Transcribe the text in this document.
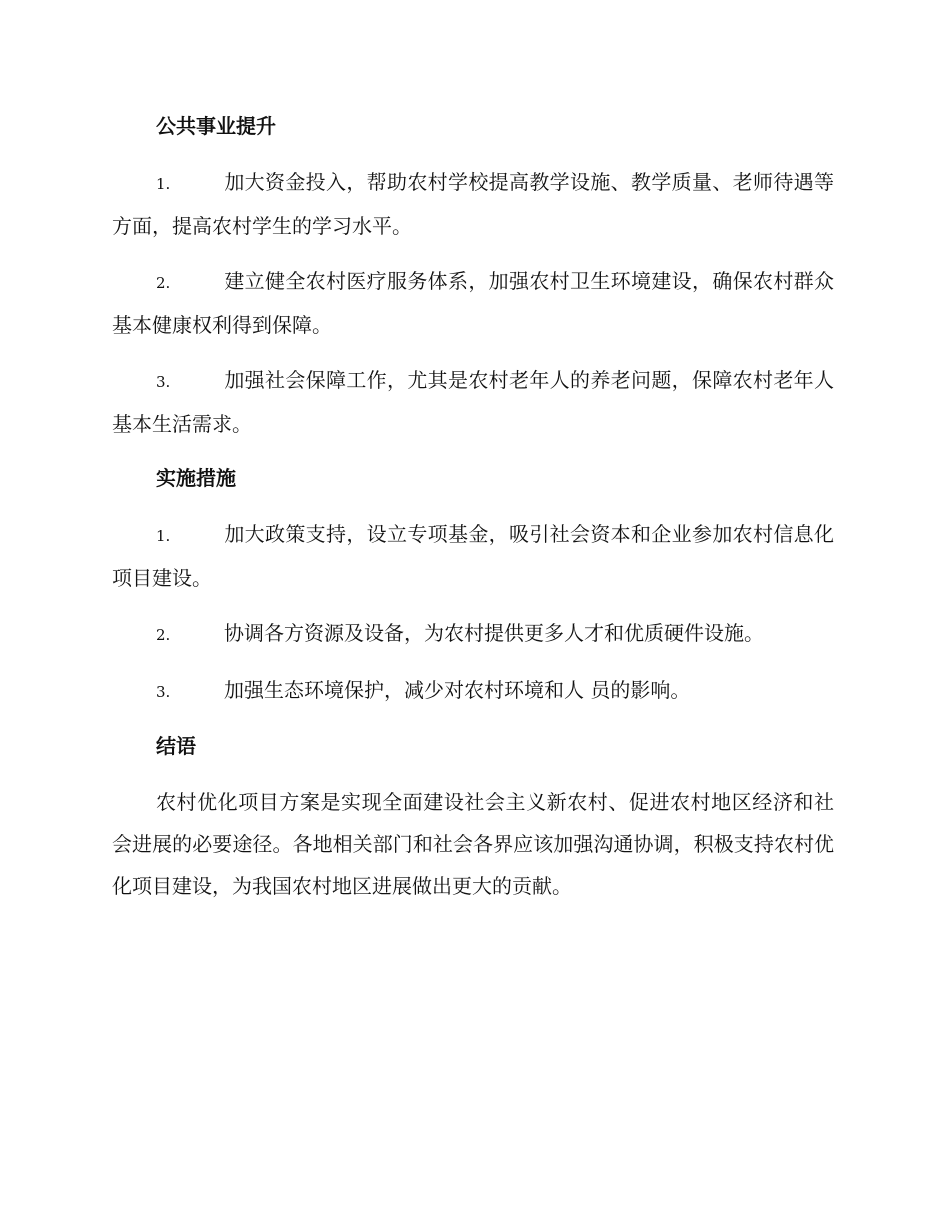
公共事业提升

1.	加大资金投入，帮助农村学校提高教学设施、教学质量、老师待遇等方面，提高农村学生的学习水平。

2.	建立健全农村医疗服务体系，加强农村卫生环境建设，确保农村群众基本健康权利得到保障。

3.	加强社会保障工作，尤其是农村老年人的养老问题，保障农村老年人基本生活需求。

实施措施

1.	加大政策支持，设立专项基金，吸引社会资本和企业参加农村信息化项目建设。

2.	协调各方资源及设备，为农村提供更多人才和优质硬件设施。

3.	加强生态环境保护，减少对农村环境和人 员的影响。

结语

农村优化项目方案是实现全面建设社会主义新农村、促进农村地区经济和社会进展的必要途径。各地相关部门和社会各界应该加强沟通协调，积极支持农村优化项目建设，为我国农村地区进展做出更大的贡献。
